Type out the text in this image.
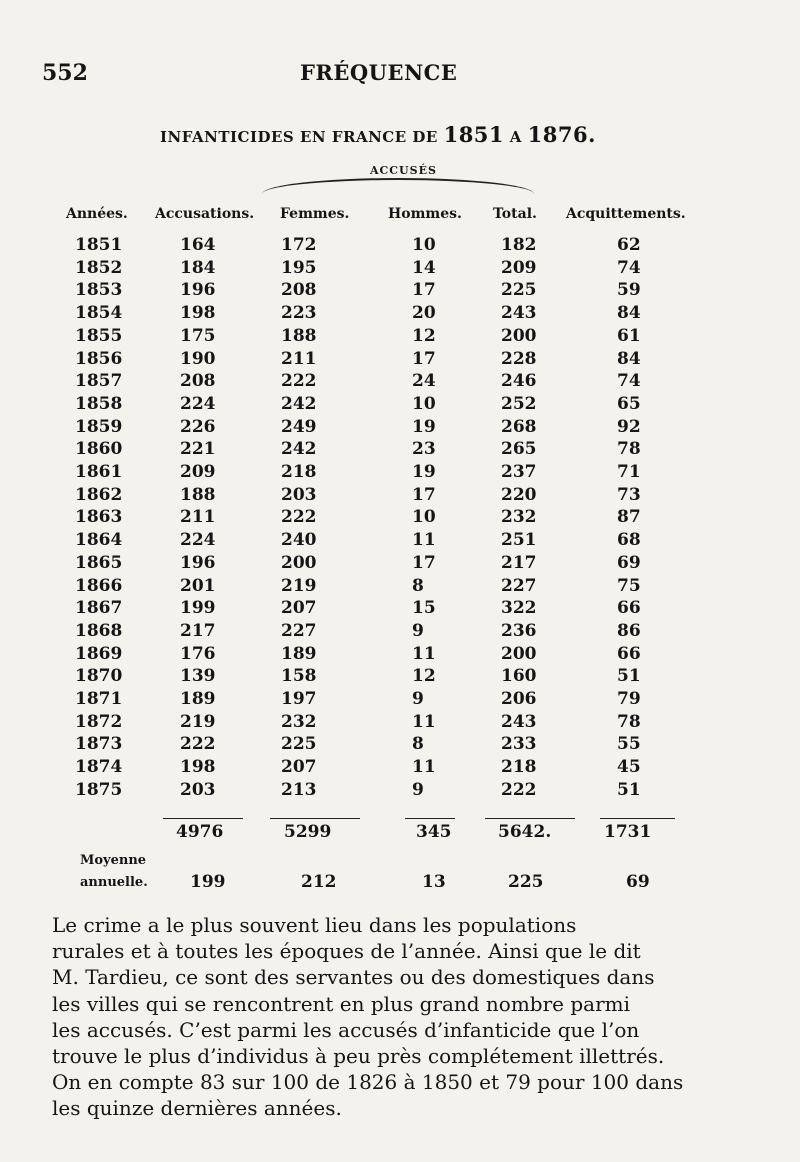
552	FRÉQUENCE
INFANTICIDES EN FRANCE DE 1851 A 1876.
ACCUSÉS
Années. Accusations. Femmes.	Hommes. Total. Acquittements.
1851	164	172	10	182	62
1852	184	195	14	209	74
1853	196	208	17	225	59
1854	198	223	20	243	84
1855	175	188	12	200	61
1856	190	211	17	228	84
1857	208	222	24	246	74
1858	224	242	10	252	65
1859	226	249	19	268	92
1860	221	242	23	265	78
1861	209	218	19	237	71
1862	188	203	17	220	73
1863	211	222	10	232	87
1864	224	240	11	251	68
1865	196	200	17	217	69
1866	201	219	8	227	75
1867	199	207	15	322	66
1868	217	227	9	236	86
1869	176	189	11	200	66
1870	139	158	12	160	51
1871	189	197	9	206	79
1872	219	232	11	243	78
1873	222	225	8	233	55
1874	198	207	11	218	45
1875	203	213	9	222	51
4976	5299	345	5642.	1731
Moyenne
annuelle. 199	212	13	225	69

Le crime a le plus souvent lieu dans les populations

rurales et à toutes les époques de l’année. Ainsi que le dit

M. Tardieu, ce sont des servantes ou des domestiques dans

les villes qui se rencontrent en plus grand nombre parmi

les accusés. C’est parmi les accusés d’infanticide que l’on

trouve le plus d’individus à peu près complétement illettrés.

On en compte 83 sur 100 de 1826 à 1850 et 79 pour 100 dans

les quinze dernières années.
